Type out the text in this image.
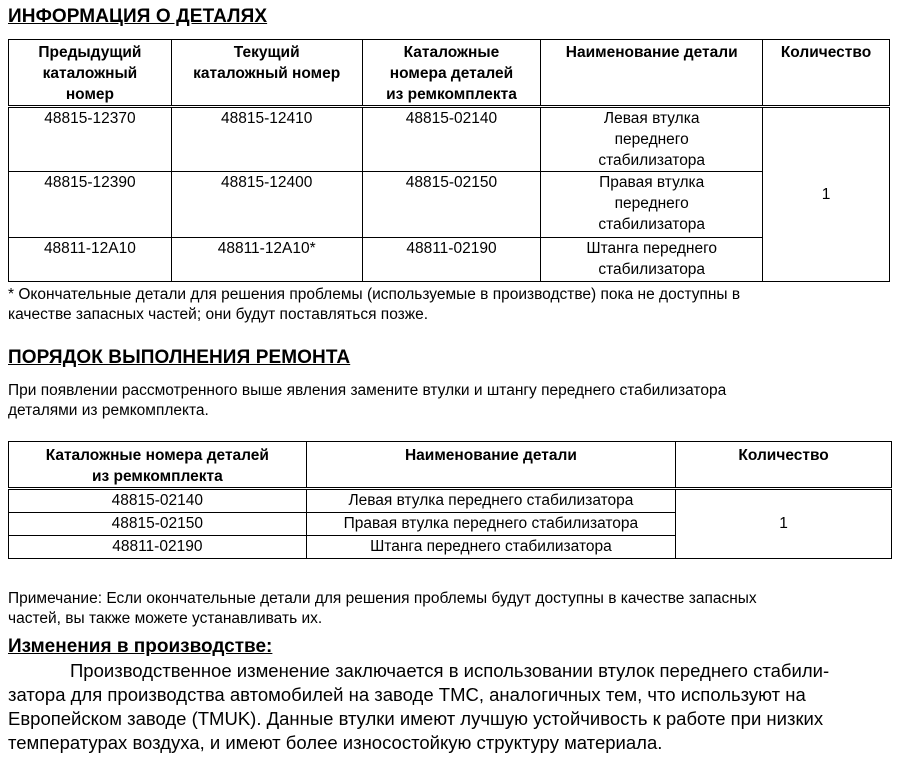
ИНФОРМАЦИЯ О ДЕТАЛЯХ
Предыдущий
каталожный
номер	Текущий
каталожный номер	Каталожные
номера деталей
из ремкомплекта	Наименование детали	Количество
48815-12370	48815-12410	48815-02140	Левая втулка
переднего
стабилизатора	1
48815-12390	48815-12400	48815-02150	Правая втулка
переднего
стабилизатора	
48811-12A10	48811-12A10*	48811-02190	Штанга переднего
стабилизатора	
* Окончательные детали для решения проблемы (используемые в производстве) пока не доступны в
качестве запасных частей; они будут поставляться позже.
ПОРЯДОК ВЫПОЛНЕНИЯ РЕМОНТА
При появлении рассмотренного выше явления замените втулки и штангу переднего стабилизатора
деталями из ремкомплекта.
Каталожные номера деталей
из ремкомплекта	Наименование детали	Количество
48815-02140	Левая втулка переднего стабилизатора	1
48815-02150	Правая втулка переднего стабилизатора	
48811-02190	Штанга переднего стабилизатора	
Примечание: Если окончательные детали для решения проблемы будут доступны в качестве запасных
частей, вы также можете устанавливать их.
Изменения в производстве:
Производственное изменение заключается в использовании втулок переднего стабили-
затора для производства автомобилей на заводе TMC, аналогичных тем, что используют на
Европейском заводе (TMUK). Данные втулки имеют лучшую устойчивость к работе при низких
температурах воздуха, и имеют более износостойкую структуру материала.
